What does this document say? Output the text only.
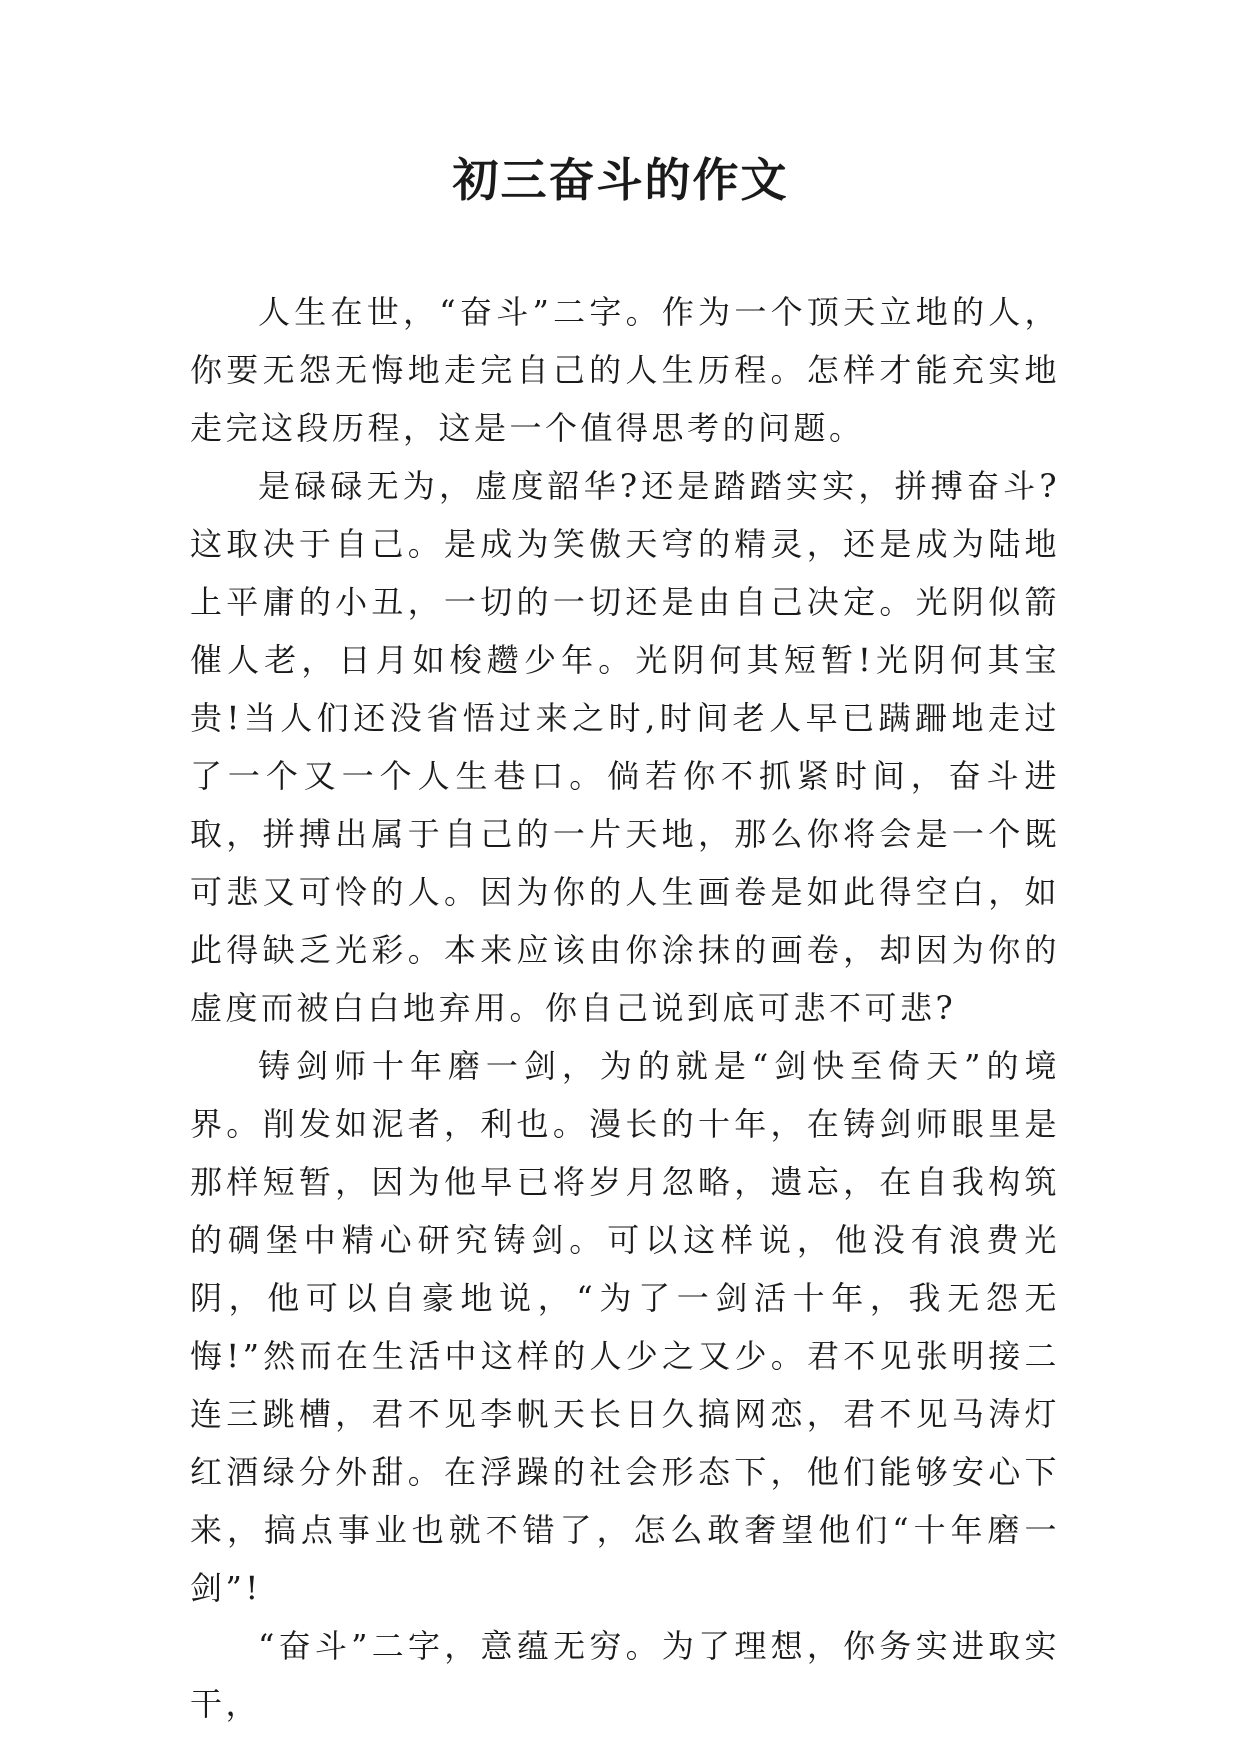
初三奋斗的作文

人生在世，“奋斗”二字。作为一个顶天立地的人，你要无怨无悔地走完自己的人生历程。怎样才能充实地走完这段历程，这是一个值得思考的问题。

是碌碌无为，虚度韶华?还是踏踏实实，拼搏奋斗?这取决于自己。是成为笑傲天穹的精灵，还是成为陆地上平庸的小丑，一切的一切还是由自己决定。光阴似箭催人老，日月如梭趱少年。光阴何其短暂!光阴何其宝贵!当人们还没省悟过来之时,时间老人早已蹒跚地走过了一个又一个人生巷口。倘若你不抓紧时间，奋斗进取，拼搏出属于自己的一片天地，那么你将会是一个既可悲又可怜的人。因为你的人生画卷是如此得空白，如此得缺乏光彩。本来应该由你涂抹的画卷，却因为你的虚度而被白白地弃用。你自己说到底可悲不可悲?

铸剑师十年磨一剑，为的就是“剑快至倚天”的境界。削发如泥者，利也。漫长的十年，在铸剑师眼里是那样短暂，因为他早已将岁月忽略，遗忘，在自我构筑的碉堡中精心研究铸剑。可以这样说，他没有浪费光阴，他可以自豪地说，“为了一剑活十年，我无怨无悔!”然而在生活中这样的人少之又少。君不见张明接二连三跳槽，君不见李帆天长日久搞网恋，君不见马涛灯红酒绿分外甜。在浮躁的社会形态下，他们能够安心下来，搞点事业也就不错了，怎么敢奢望他们“十年磨一剑”!

“奋斗”二字，意蕴无穷。为了理想，你务实进取实干，
